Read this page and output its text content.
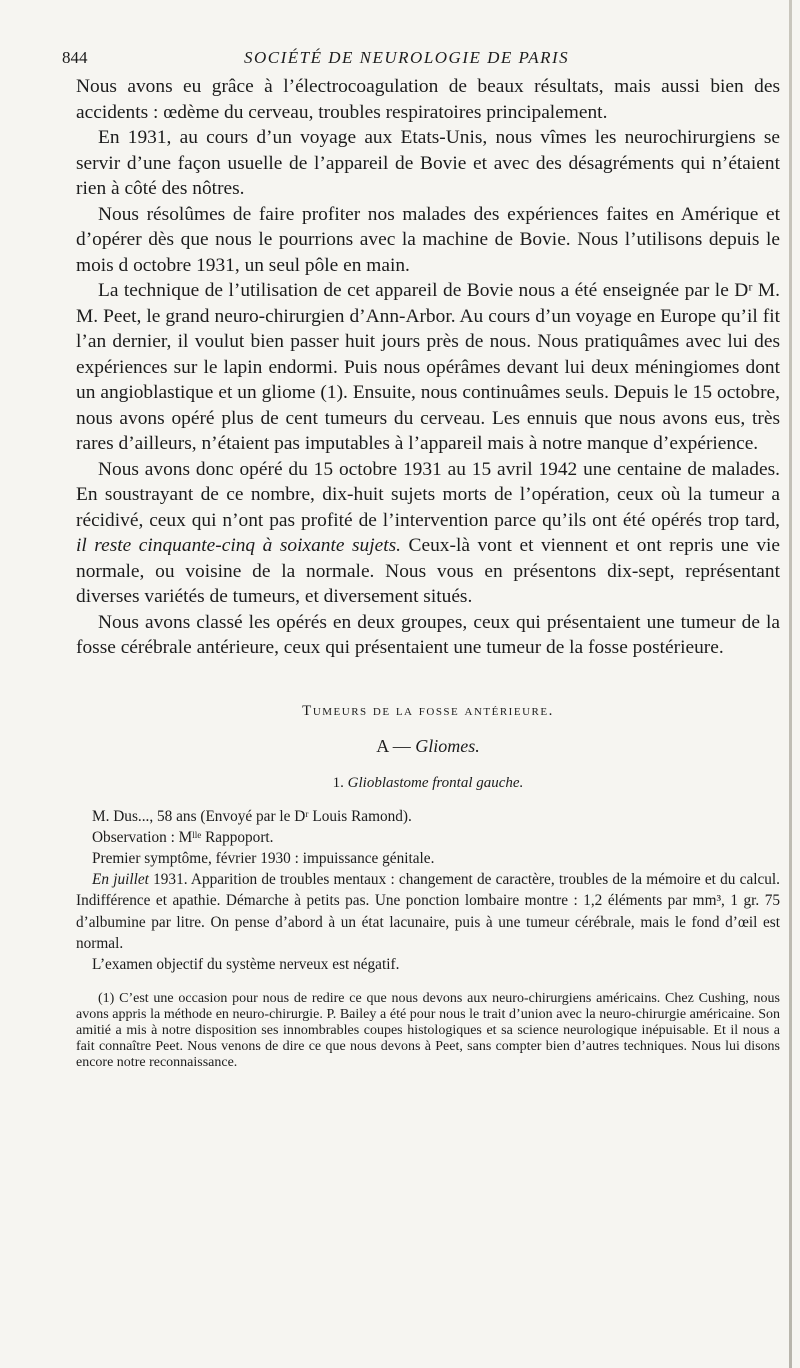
844	SOCIÉTÉ DE NEUROLOGIE DE PARIS

Nous avons eu grâce à l’électrocoagulation de beaux résultats, mais aussi bien des accidents : œdème du cerveau, troubles respiratoires principalement.

En 1931, au cours d’un voyage aux Etats-Unis, nous vîmes les neurochirurgiens se servir d’une façon usuelle de l’appareil de Bovie et avec des désagréments qui n’étaient rien à côté des nôtres.

Nous résolûmes de faire profiter nos malades des expériences faites en Amérique et d’opérer dès que nous le pourrions avec la machine de Bovie. Nous l’utilisons depuis le mois d octobre 1931, un seul pôle en main.

La technique de l’utilisation de cet appareil de Bovie nous a été enseignée par le Dʳ M. M. Peet, le grand neuro-chirurgien d’Ann-Arbor. Au cours d’un voyage en Europe qu’il fit l’an dernier, il voulut bien passer huit jours près de nous. Nous pratiquâmes avec lui des expériences sur le lapin endormi. Puis nous opérâmes devant lui deux méningiomes dont un angioblastique et un gliome (1). Ensuite, nous continuâmes seuls. Depuis le 15 octobre, nous avons opéré plus de cent tumeurs du cerveau. Les ennuis que nous avons eus, très rares d’ailleurs, n’étaient pas imputables à l’appareil mais à notre manque d’expérience.

Nous avons donc opéré du 15 octobre 1931 au 15 avril 1942 une centaine de malades. En soustrayant de ce nombre, dix-huit sujets morts de l’opération, ceux où la tumeur a récidivé, ceux qui n’ont pas profité de l’intervention parce qu’ils ont été opérés trop tard, il reste cinquante-cinq à soixante sujets. Ceux-là vont et viennent et ont repris une vie normale, ou voisine de la normale. Nous vous en présentons dix-sept, représentant diverses variétés de tumeurs, et diversement situés.

Nous avons classé les opérés en deux groupes, ceux qui présentaient une tumeur de la fosse cérébrale antérieure, ceux qui présentaient une tumeur de la fosse postérieure.

Tumeurs de la fosse antérieure.
A — Gliomes.
1. Glioblastome frontal gauche.

M. Dus..., 58 ans (Envoyé par le Dʳ Louis Ramond).

Observation : Mˡˡᵉ Rappoport.

Premier symptôme, février 1930 : impuissance génitale.

En juillet 1931. Apparition de troubles mentaux : changement de caractère, troubles de la mémoire et du calcul. Indifférence et apathie. Démarche à petits pas. Une ponction lombaire montre : 1,2 éléments par mm³, 1 gr. 75 d’albumine par litre. On pense d’abord à un état lacunaire, puis à une tumeur cérébrale, mais le fond d’œil est normal.

L’examen objectif du système nerveux est négatif.

(1) C’est une occasion pour nous de redire ce que nous devons aux neuro-chirurgiens américains. Chez Cushing, nous avons appris la méthode en neuro-chirurgie. P. Bailey a été pour nous le trait d’union avec la neuro-chirurgie américaine. Son amitié a mis à notre disposition ses innombrables coupes histologiques et sa science neurologique inépuisable. Et il nous a fait connaître Peet. Nous venons de dire ce que nous devons à Peet, sans compter bien d’autres techniques. Nous lui disons encore notre reconnaissance.
